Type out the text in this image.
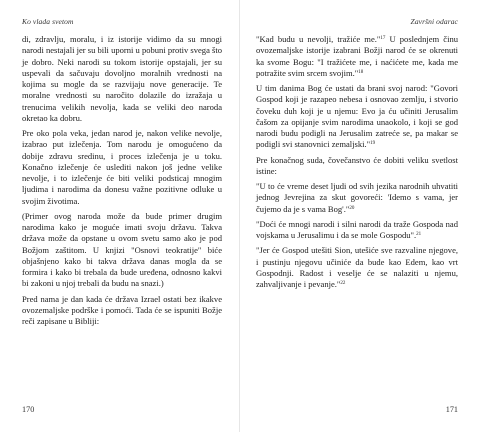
Ko vlada svetom

di, zdravlju, moralu, i iz istorije vidimo da su mnogi narodi nestajali jer su bili uporni u pobuni protiv svega što je dobro. Neki narodi su tokom istorije opstajali, jer su uspevali da sačuvaju dovoljno moralnih vrednosti na kojima su mogle da se razvijaju nove generacije. Te moralne vrednosti su naročito dolazile do izražaja u trenucima velikih nevolja, kada se veliki deo naroda okretao ka dobru.

Pre oko pola veka, jedan narod je, nakon velike nevolje, izabrao put izlečenja. Tom narodu je omogućeno da dobije zdravu sredinu, i proces izlečenja je u toku. Konačno izlečenje će uslediti nakon još jedne velike nevolje, i to izlečenje će biti veliki podsticaj mnogim ljudima i narodima da donesu važne pozitivne odluke u svojim životima.

(Primer ovog naroda može da bude primer drugim narodima kako je moguće imati svoju državu. Takva država može da opstane u ovom svetu samo ako je pod Božjom zaštitom. U knjizi "Osnovi teokratije" biće objašnjeno kako bi takva država danas mogla da se formira i kako bi trebala da bude uređena, odnosno kakvi bi zakoni u njoj trebali da budu na snazi.)

Pred nama je dan kada će država Izrael ostati bez ikakve ovozemaljske podrške i pomoći. Tada će se ispuniti Božje reči zapisane u Bibliji:

170
Završni odarac

"Kad budu u nevolji, tražiće me."$^{17}$ U poslednjem činu ovozemaljske istorije izabrani Božji narod će se okrenuti ka svome Bogu: "I tražićete me, i naćićete me, kada me potražite svim srcem svojim."$^{18}$

U tim danima Bog će ustati da brani svoj narod: "Govori Gospod koji je razapeo nebesa i osnovao zemlju, i stvorio čoveku duh koji je u njemu: Evo ja ću učiniti Jerusalim čašom za opijanje svim narodima unaokolo, i koji se god narodi budu podigli na Jerusalim zatreće se, pa makar se podigli svi stanovnici zemaljski."$^{19}$

Pre konačnog suda, čovečanstvo će dobiti veliku svetlost istine:

"U to će vreme deset ljudi od svih jezika narodnih uhvatiti jednog Jevrejina za skut govoreći: 'Idemo s vama, jer čujemo da je s vama Bog'."$^{20}$

"Doći će mnogi narodi i silni narodi da traže Gospoda nad vojskama u Jerusalimu i da se mole Gospodu".$^{21}$

"Jer će Gospod utešiti Sion, utešiće sve razvaline njegove, i pustinju njegovu učiniće da bude kao Edem, kao vrt Gospodnji. Radost i veselje će se nalaziti u njemu, zahvaljivanje i pevanje."$^{22}$

171
